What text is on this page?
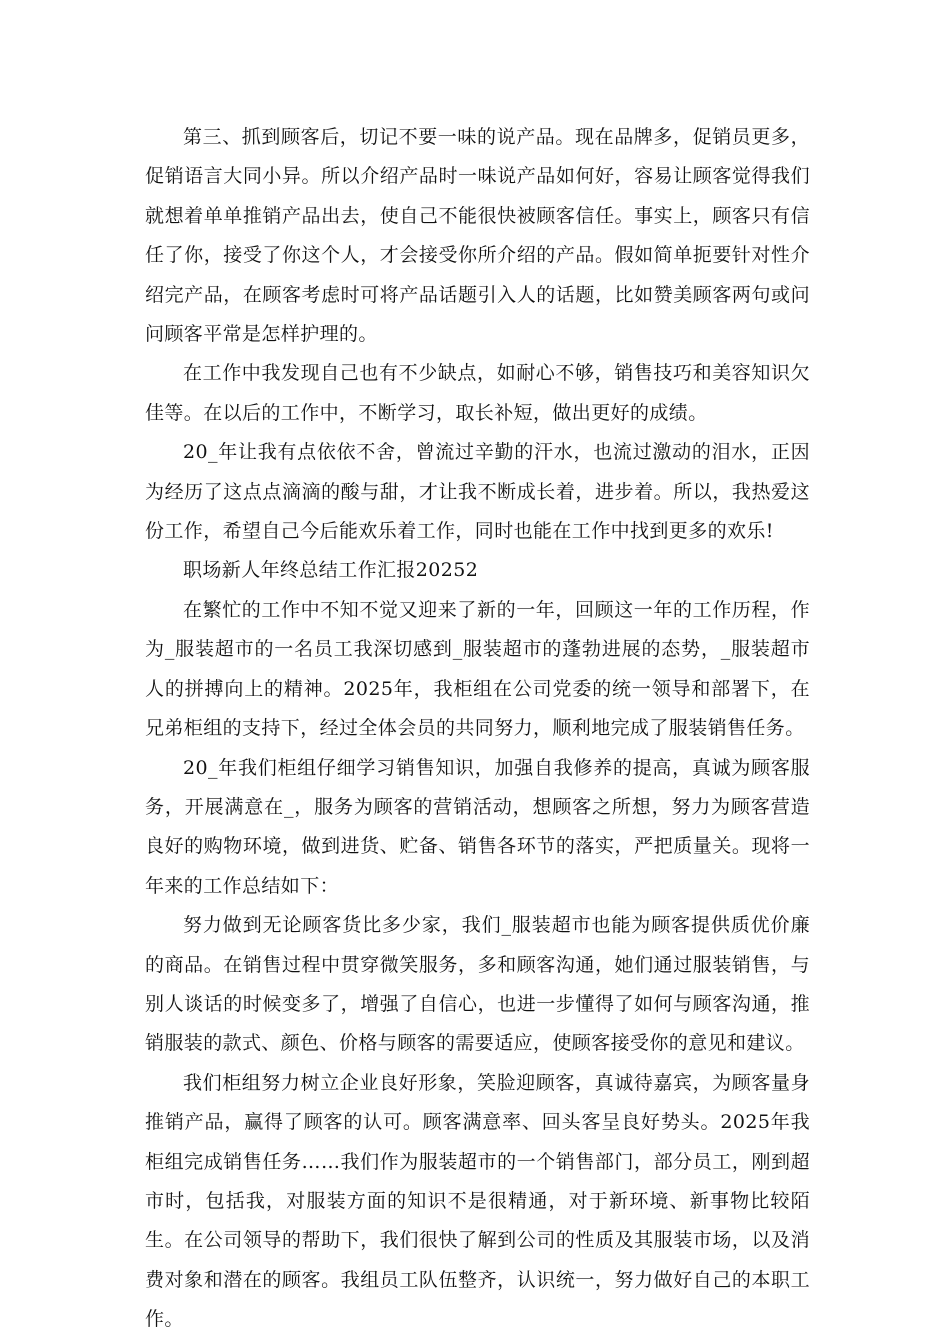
第三、抓到顾客后，切记不要一味的说产品。现在品牌多，促销员更多，促销语言大同小异。所以介绍产品时一味说产品如何好，容易让顾客觉得我们就想着单单推销产品出去，使自己不能很快被顾客信任。事实上，顾客只有信任了你，接受了你这个人，才会接受你所介绍的产品。假如简单扼要针对性介绍完产品，在顾客考虑时可将产品话题引入人的话题，比如赞美顾客两句或问问顾客平常是怎样护理的。

在工作中我发现自己也有不少缺点，如耐心不够，销售技巧和美容知识欠佳等。在以后的工作中，不断学习，取长补短，做出更好的成绩。

20_年让我有点依依不舍，曾流过辛勤的汗水，也流过激动的泪水，正因为经历了这点点滴滴的酸与甜，才让我不断成长着，进步着。所以，我热爱这份工作，希望自己今后能欢乐着工作，同时也能在工作中找到更多的欢乐!

职场新人年终总结工作汇报20252

在繁忙的工作中不知不觉又迎来了新的一年，回顾这一年的工作历程，作为_服装超市的一名员工我深切感到_服装超市的蓬勃进展的态势，_服装超市人的拼搏向上的精神。2025年，我柜组在公司党委的统一领导和部署下，在兄弟柜组的支持下，经过全体会员的共同努力，顺利地完成了服装销售任务。

20_年我们柜组仔细学习销售知识，加强自我修养的提高，真诚为顾客服务，开展满意在_，服务为顾客的营销活动，想顾客之所想，努力为顾客营造良好的购物环境，做到进货、贮备、销售各环节的落实，严把质量关。现将一年来的工作总结如下：

努力做到无论顾客货比多少家，我们_服装超市也能为顾客提供质优价廉的商品。在销售过程中贯穿微笑服务，多和顾客沟通，她们通过服装销售，与别人谈话的时候变多了，增强了自信心，也进一步懂得了如何与顾客沟通，推销服装的款式、颜色、价格与顾客的需要适应，使顾客接受你的意见和建议。

我们柜组努力树立企业良好形象，笑脸迎顾客，真诚待嘉宾，为顾客量身推销产品，赢得了顾客的认可。顾客满意率、回头客呈良好势头。2025年我柜组完成销售任务……我们作为服装超市的一个销售部门，部分员工，刚到超市时，包括我，对服装方面的知识不是很精通，对于新环境、新事物比较陌生。在公司领导的帮助下，我们很快了解到公司的性质及其服装市场，以及消费对象和潜在的顾客。我组员工队伍整齐，认识统一，努力做好自己的本职工作。
